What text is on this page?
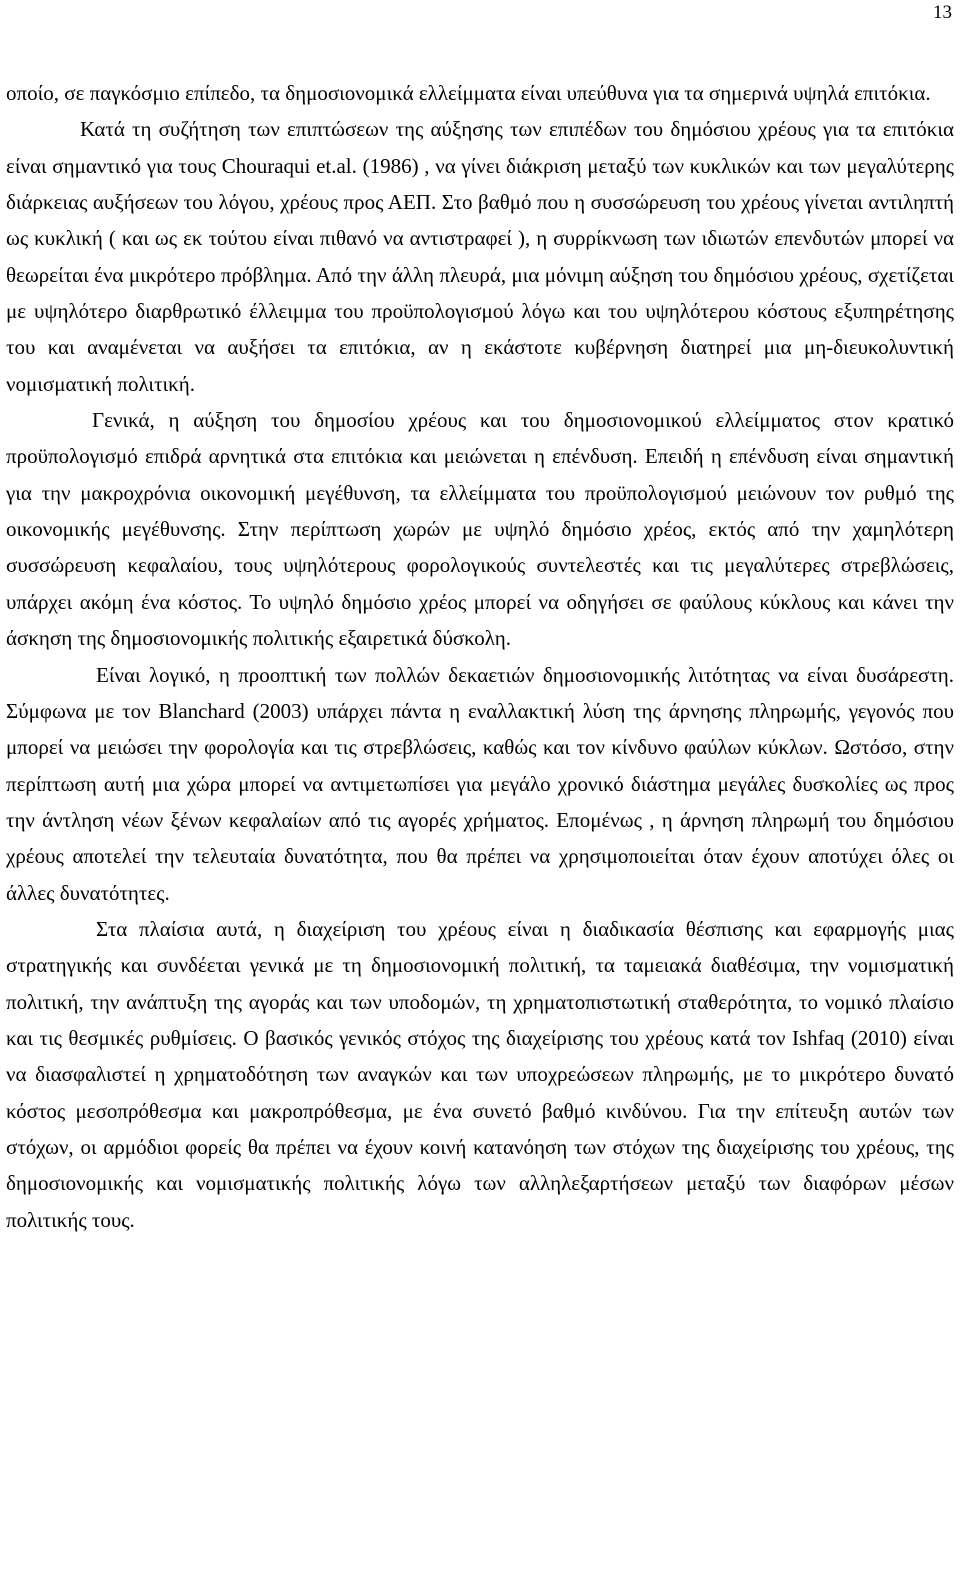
13

οποίο, σε παγκόσμιο επίπεδο, τα δημοσιονομικά ελλείμματα είναι υπεύθυνα για τα σημερινά υψηλά επιτόκια.

Κατά τη συζήτηση των επιπτώσεων της αύξησης των επιπέδων του δημόσιου χρέους για τα επιτόκια είναι σημαντικό για τους Chouraqui et.al. (1986) , να γίνει διάκριση μεταξύ των κυκλικών και των μεγαλύτερης διάρκειας αυξήσεων του λόγου, χρέους προς ΑΕΠ. Στο βαθμό που η συσσώρευση του χρέους γίνεται αντιληπτή ως κυκλική ( και ως εκ τούτου είναι πιθανό να αντιστραφεί ), η συρρίκνωση των ιδιωτών επενδυτών μπορεί να θεωρείται ένα μικρότερο πρόβλημα. Από την άλλη πλευρά, μια μόνιμη αύξηση του δημόσιου χρέους, σχετίζεται με υψηλότερο διαρθρωτικό έλλειμμα του προϋπολογισμού λόγω και του υψηλότερου κόστους εξυπηρέτησης του και αναμένεται να αυξήσει τα επιτόκια, αν η εκάστοτε κυβέρνηση διατηρεί μια μη-διευκολυντική νομισματική πολιτική.

Γενικά, η αύξηση του δημοσίου χρέους και του δημοσιονομικού ελλείμματος στον κρατικό προϋπολογισμό επιδρά αρνητικά στα επιτόκια και μειώνεται η επένδυση. Επειδή η επένδυση είναι σημαντική για την μακροχρόνια οικονομική μεγέθυνση, τα ελλείμματα του προϋπολογισμού μειώνουν τον ρυθμό της οικονομικής μεγέθυνσης. Στην περίπτωση χωρών με υψηλό δημόσιο χρέος, εκτός από την χαμηλότερη συσσώρευση κεφαλαίου, τους υψηλότερους φορολογικούς συντελεστές και τις μεγαλύτερες στρεβλώσεις, υπάρχει ακόμη ένα κόστος. Το υψηλό δημόσιο χρέος μπορεί να οδηγήσει σε φαύλους κύκλους και κάνει την άσκηση της δημοσιονομικής πολιτικής εξαιρετικά δύσκολη.

Είναι λογικό, η προοπτική των πολλών δεκαετιών δημοσιονομικής λιτότητας να είναι δυσάρεστη. Σύμφωνα με τον Blanchard (2003) υπάρχει πάντα η εναλλακτική λύση της άρνησης πληρωμής, γεγονός που μπορεί να μειώσει την φορολογία και τις στρεβλώσεις, καθώς και τον κίνδυνο φαύλων κύκλων. Ωστόσο, στην περίπτωση αυτή μια χώρα μπορεί να αντιμετωπίσει για μεγάλο χρονικό διάστημα μεγάλες δυσκολίες ως προς την άντληση νέων ξένων κεφαλαίων από τις αγορές χρήματος. Επομένως , η άρνηση πληρωμή του δημόσιου χρέους αποτελεί την τελευταία δυνατότητα, που θα πρέπει να χρησιμοποιείται όταν έχουν αποτύχει όλες οι άλλες δυνατότητες.

Στα πλαίσια αυτά, η διαχείριση του χρέους είναι η διαδικασία θέσπισης και εφαρμογής μιας στρατηγικής και συνδέεται γενικά με τη δημοσιονομική πολιτική, τα ταμειακά διαθέσιμα, την νομισματική πολιτική, την ανάπτυξη της αγοράς και των υποδομών, τη χρηματοπιστωτική σταθερότητα, το νομικό πλαίσιο και τις θεσμικές ρυθμίσεις. Ο βασικός γενικός στόχος της διαχείρισης του χρέους κατά τον Ishfaq (2010) είναι να διασφαλιστεί η χρηματοδότηση των αναγκών και των υποχρεώσεων πληρωμής, με το μικρότερο δυνατό κόστος μεσοπρόθεσμα και μακροπρόθεσμα, με ένα συνετό βαθμό κινδύνου. Για την επίτευξη αυτών των στόχων, οι αρμόδιοι φορείς θα πρέπει να έχουν κοινή κατανόηση των στόχων της διαχείρισης του χρέους, της δημοσιονομικής και νομισματικής πολιτικής λόγω των αλληλεξαρτήσεων μεταξύ των διαφόρων μέσων πολιτικής τους.
